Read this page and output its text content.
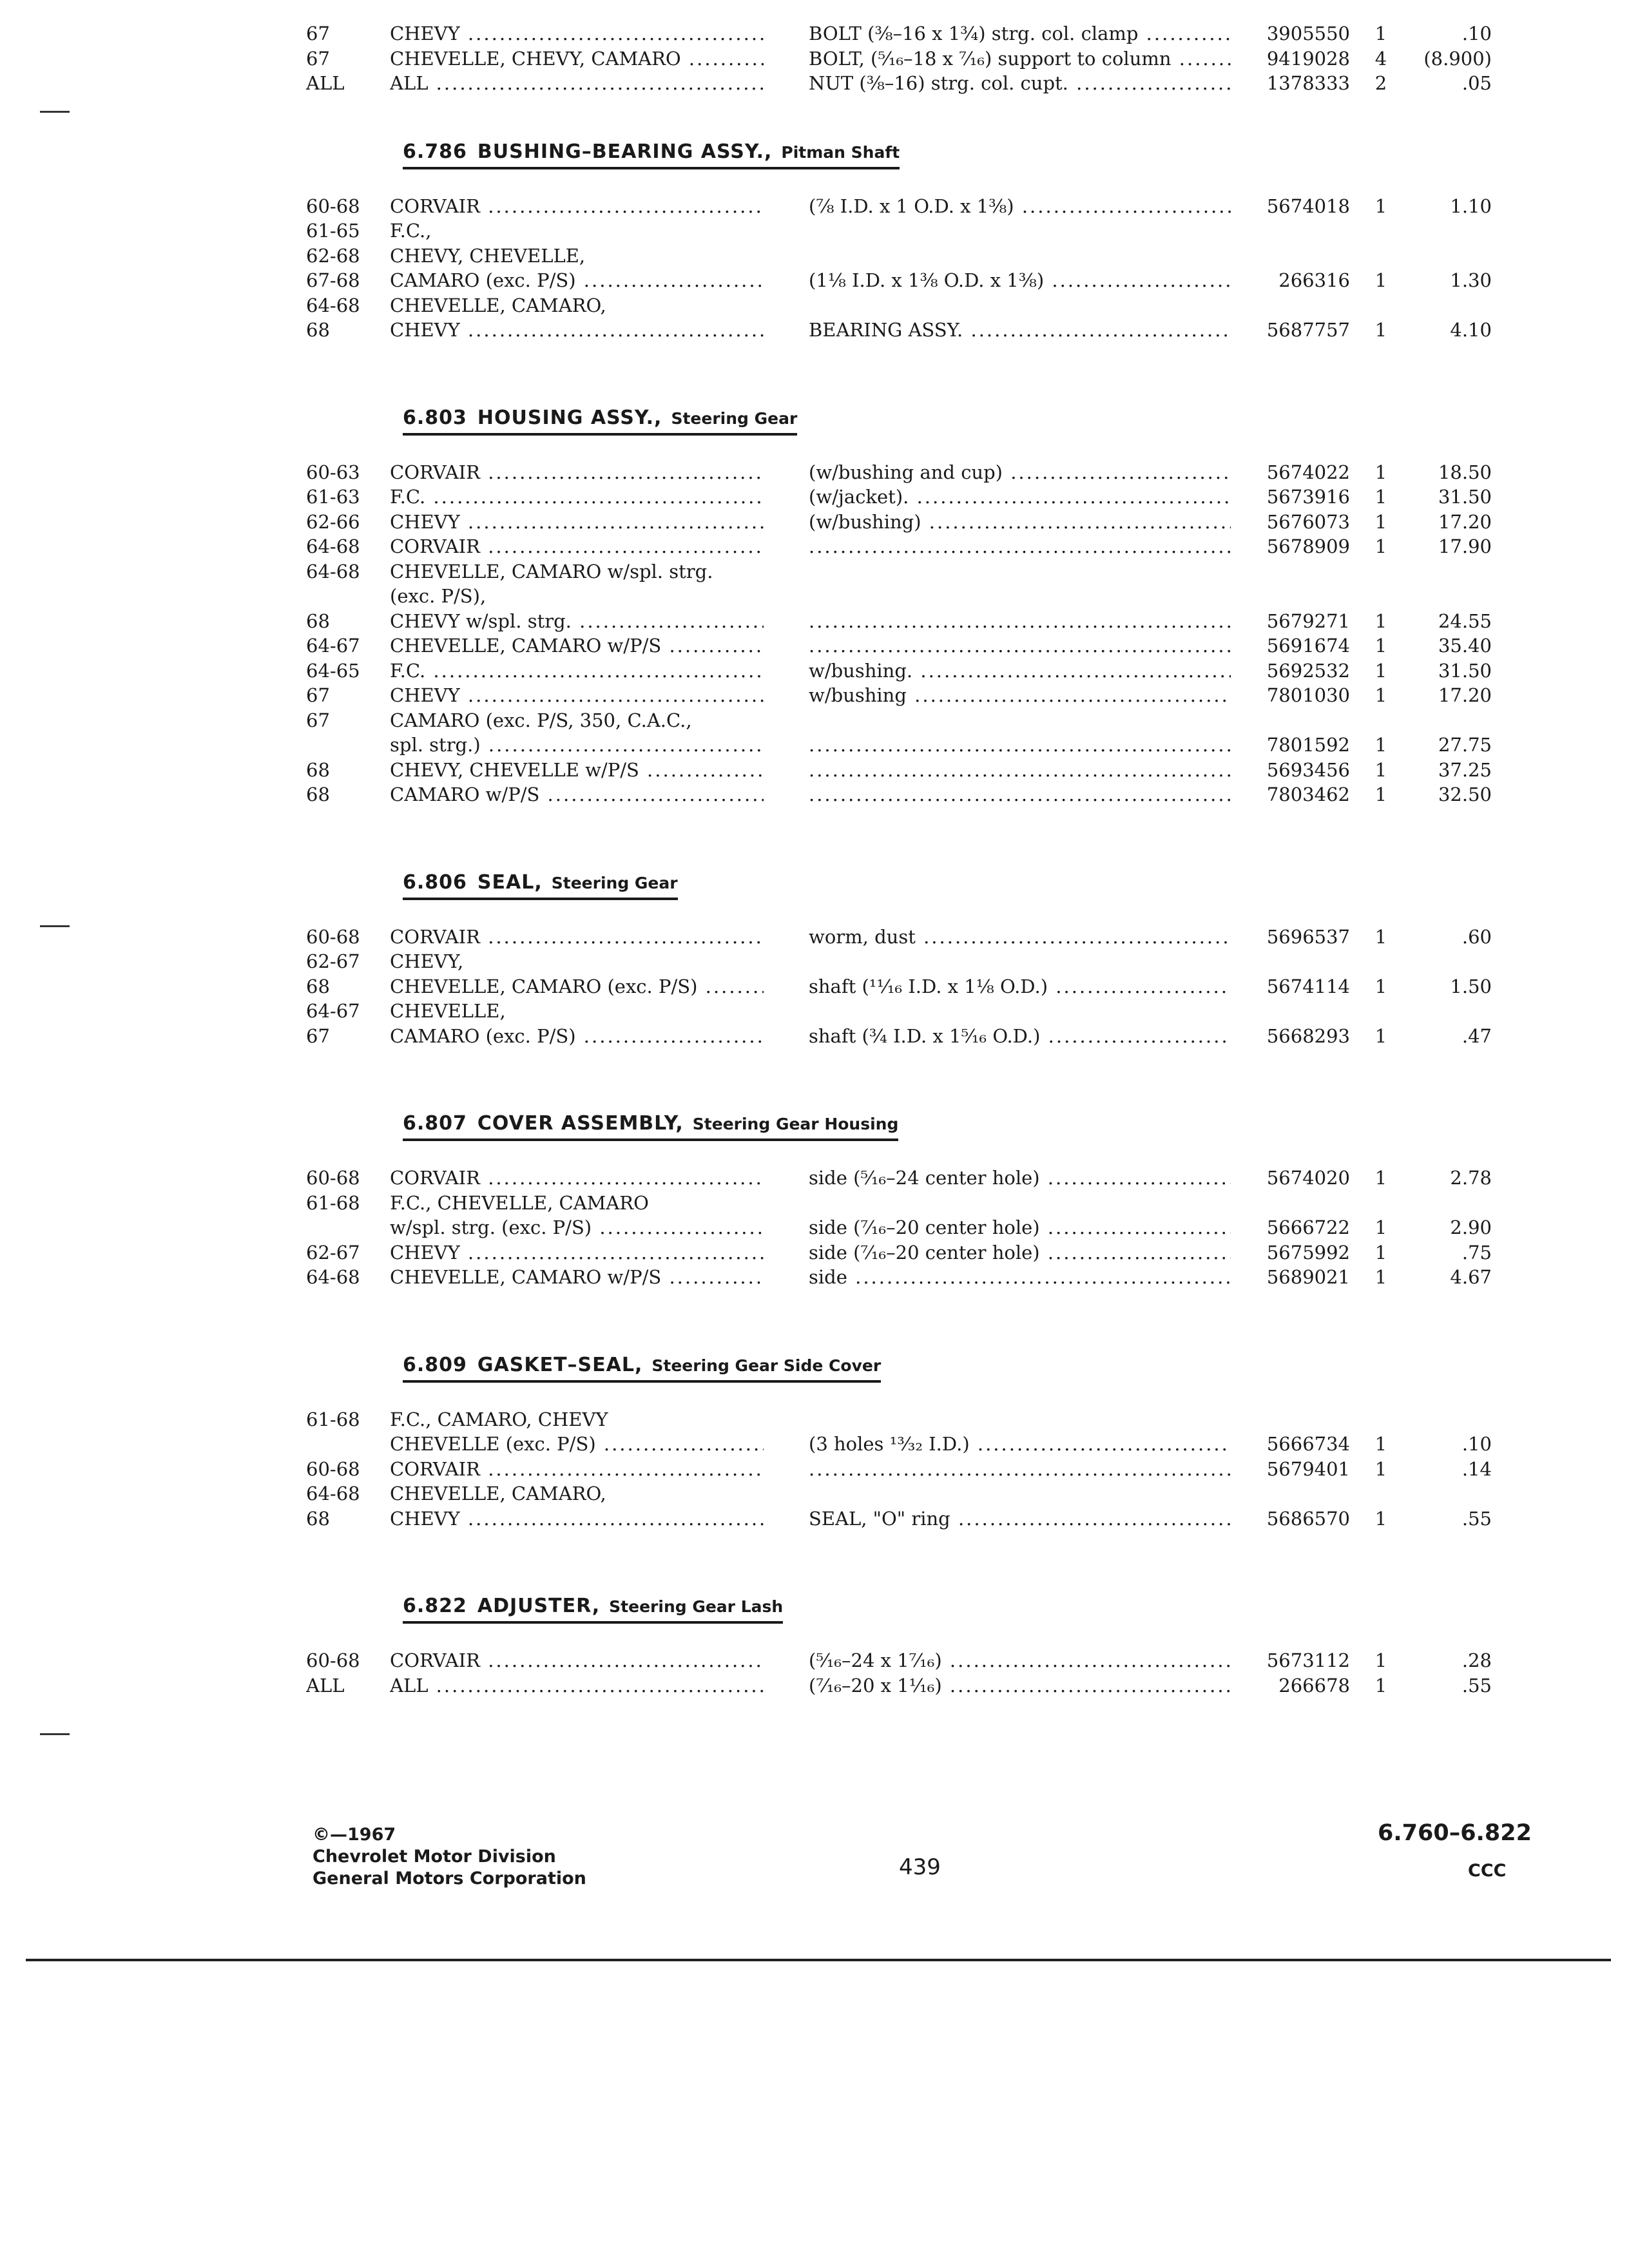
67	CHEVY .....	BOLT (⅜–16 x 1¾) strg. col. clamp .....	3905550	1	.10
67	CHEVELLE, CHEVY, CAMARO .....	BOLT, (⁵⁄₁₆–18 x ⁷⁄₁₆) support to column .....	9419028	4	(8.900)
ALL	ALL .....	NUT (⅜–16) strg. col. cupt. .....	1378333	2	.05
6.786 BUSHING–BEARING ASSY., Pitman Shaft
60-68	CORVAIR .....	(⅞ I.D. x 1 O.D. x 1⅜) .....	5674018	1	1.10
61-65	F.C.,
62-68	CHEVY, CHEVELLE,
67-68	CAMARO (exc. P/S) .....	(1⅛ I.D. x 1⅜ O.D. x 1⅜) .....	266316	1	1.30
64-68	CHEVELLE, CAMARO,
68	CHEVY .....	BEARING ASSY. .....	5687757	1	4.10
6.803 HOUSING ASSY., Steering Gear
60-63	CORVAIR .....	(w/bushing and cup) .....	5674022	1	18.50
61-63	F.C. .....	(w/jacket). .....	5673916	1	31.50
62-66	CHEVY .....	(w/bushing) .....	5676073	1	17.20
64-68	CORVAIR ..... .....	5678909	1	17.90
64-68	CHEVELLE, CAMARO w/spl. strg.
(exc. P/S),
68	CHEVY w/spl. strg. ..... .....	5679271	1	24.55
64-67	CHEVELLE, CAMARO w/P/S ..... .....	5691674	1	35.40
64-65	F.C. .....	w/bushing. .....	5692532	1	31.50
67	CHEVY .....	w/bushing .....	7801030	1	17.20
67	CAMARO (exc. P/S, 350, C.A.C.,
spl. strg.) ..... .....	7801592	1	27.75
68	CHEVY, CHEVELLE w/P/S ..... .....	5693456	1	37.25
68	CAMARO w/P/S ..... .....	7803462	1	32.50
6.806 SEAL, Steering Gear
60-68	CORVAIR .....	worm, dust .....	5696537	1	.60
62-67	CHEVY,
68	CHEVELLE, CAMARO (exc. P/S) .....	shaft (¹¹⁄₁₆ I.D. x 1⅛ O.D.) .....	5674114	1	1.50
64-67	CHEVELLE,
67	CAMARO (exc. P/S) .....	shaft (¾ I.D. x 1⁵⁄₁₆ O.D.) .....	5668293	1	.47
6.807 COVER ASSEMBLY, Steering Gear Housing
60-68	CORVAIR .....	side (⁵⁄₁₆–24 center hole) .....	5674020	1	2.78
61-68	F.C., CHEVELLE, CAMARO
w/spl. strg. (exc. P/S) .....	side (⁷⁄₁₆–20 center hole) .....	5666722	1	2.90
62-67	CHEVY .....	side (⁷⁄₁₆–20 center hole) .....	5675992	1	.75
64-68	CHEVELLE, CAMARO w/P/S .....	side .....	5689021	1	4.67
6.809 GASKET–SEAL, Steering Gear Side Cover
61-68	F.C., CAMARO, CHEVY
CHEVELLE (exc. P/S) .....	(3 holes ¹³⁄₃₂ I.D.) .....	5666734	1	.10
60-68	CORVAIR ..... .....	5679401	1	.14
64-68	CHEVELLE, CAMARO,
68	CHEVY .....	SEAL, "O" ring .....	5686570	1	.55
6.822 ADJUSTER, Steering Gear Lash
60-68	CORVAIR .....	(⁵⁄₁₆–24 x 1⁷⁄₁₆) .....	5673112	1	.28
ALL	ALL .....	(⁷⁄₁₆–20 x 1¹⁄₁₆) .....	266678	1	.55
©—1967
Chevrolet Motor Division
General Motors Corporation	439
6.760–6.822
CCC
